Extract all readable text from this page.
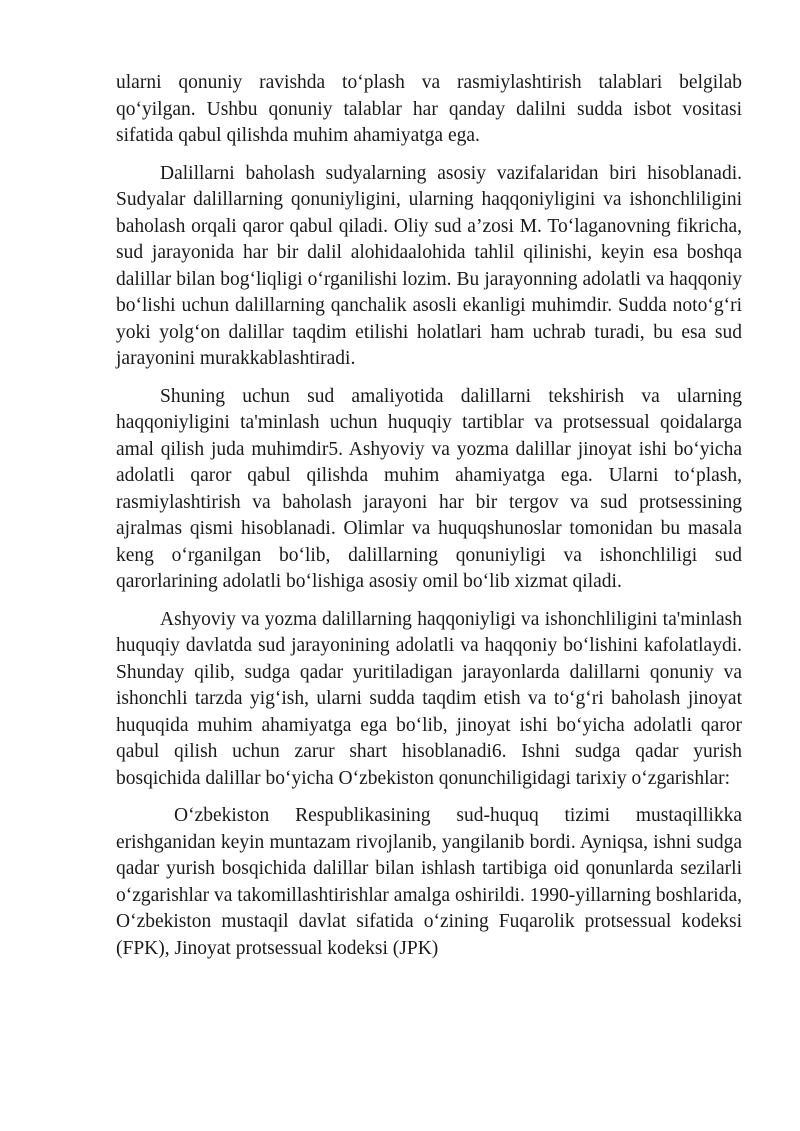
ularni qonuniy ravishda to‘plash va rasmiylashtirish talablari belgilab qo‘yilgan. Ushbu qonuniy talablar har qanday dalilni sudda isbot vositasi sifatida qabul qilishda muhim ahamiyatga ega.

Dalillarni baholash sudyalarning asosiy vazifalaridan biri hisoblanadi. Sudyalar dalillarning qonuniyligini, ularning haqqoniyligini va ishonchliligini baholash orqali qaror qabul qiladi. Oliy sud a’zosi M. To‘laganovning fikricha, sud jarayonida har bir dalil alohidaalohida tahlil qilinishi, keyin esa boshqa dalillar bilan bog‘liqligi o‘rganilishi lozim. Bu jarayonning adolatli va haqqoniy bo‘lishi uchun dalillarning qanchalik asosli ekanligi muhimdir. Sudda noto‘g‘ri yoki yolg‘on dalillar taqdim etilishi holatlari ham uchrab turadi, bu esa sud jarayonini murakkablashtiradi.

Shuning uchun sud amaliyotida dalillarni tekshirish va ularning haqqoniyligini ta'minlash uchun huquqiy tartiblar va protsessual qoidalarga amal qilish juda muhimdir5. Ashyoviy va yozma dalillar jinoyat ishi bo‘yicha adolatli qaror qabul qilishda muhim ahamiyatga ega. Ularni to‘plash, rasmiylashtirish va baholash jarayoni har bir tergov va sud protsessining ajralmas qismi hisoblanadi. Olimlar va huquqshunoslar tomonidan bu masala keng o‘rganilgan bo‘lib, dalillarning qonuniyligi va ishonchliligi sud qarorlarining adolatli bo‘lishiga asosiy omil bo‘lib xizmat qiladi.

Ashyoviy va yozma dalillarning haqqoniyligi va ishonchliligini ta'minlash huquqiy davlatda sud jarayonining adolatli va haqqoniy bo‘lishini kafolatlaydi. Shunday qilib, sudga qadar yuritiladigan jarayonlarda dalillarni qonuniy va ishonchli tarzda yig‘ish, ularni sudda taqdim etish va to‘g‘ri baholash jinoyat huquqida muhim ahamiyatga ega bo‘lib, jinoyat ishi bo‘yicha adolatli qaror qabul qilish uchun zarur shart hisoblanadi6. Ishni sudga qadar yurish bosqichida dalillar bo‘yicha O‘zbekiston qonunchiligidagi tarixiy o‘zgarishlar:

O‘zbekiston Respublikasining sud-huquq tizimi mustaqillikka erishganidan keyin muntazam rivojlanib, yangilanib bordi. Ayniqsa, ishni sudga qadar yurish bosqichida dalillar bilan ishlash tartibiga oid qonunlarda sezilarli o‘zgarishlar va takomillashtirishlar amalga oshirildi. 1990-yillarning boshlarida, O‘zbekiston mustaqil davlat sifatida o‘zining Fuqarolik protsessual kodeksi (FPK), Jinoyat protsessual kodeksi (JPK)
